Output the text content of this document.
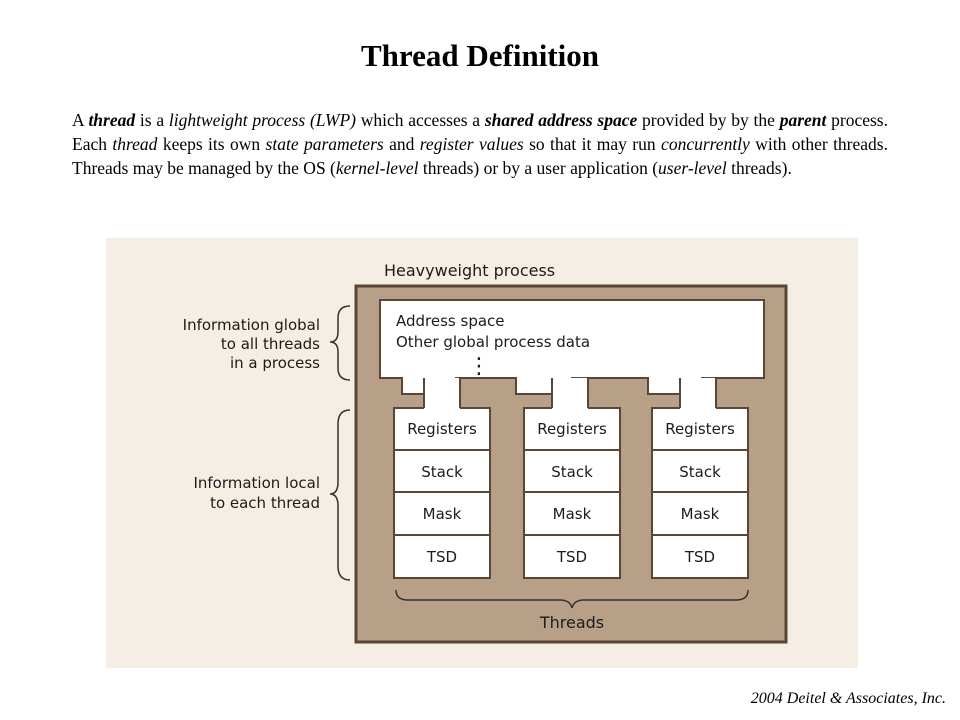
Thread Definition
A thread is a lightweight process (LWP) which accesses a shared address space provided by by the parent process. Each thread keeps its own state parameters and register values so that it may run concurrently with other threads. Threads may be managed by the OS (kernel-level threads) or by a user application (user-level threads).
Heavyweight process
Address space
Other global process data
⋮
Information global
to all threads
in a process
Information local
to each thread
Threads
Registers
Stack
Mask
TSD
Registers
Stack
Mask
TSD
Registers
Stack
Mask
TSD
2004 Deitel & Associates, Inc.
